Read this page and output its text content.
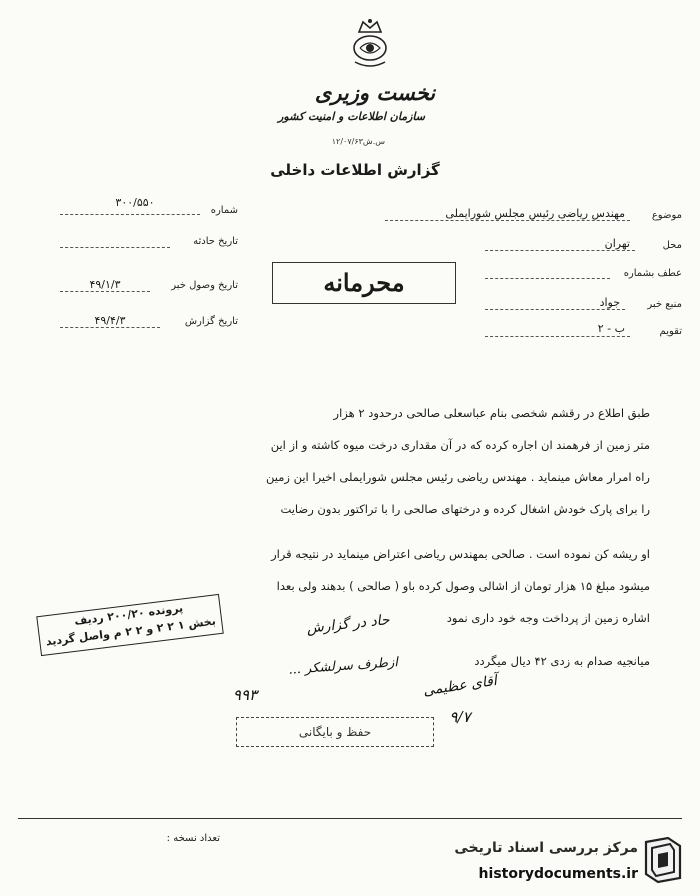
نخست وزیری
سازمان اطلاعات و امنیت کشور
س.ش۱۲/۰۷/۶۳
گزارش اطلاعات داخلی
شماره
۳۰۰/۵۵۰
تاریخ حادثه
تاریخ وصول خبر
۴۹/۱/۳
تاریخ گزارش
۴۹/۴/۳
موضوع
مهندس ریاضی رئیس مجلس شورایملی
محل
تهران
عطف بشماره
منبع خبر
جواد
تقویم
ب - ۲
محرمانه
طبق اطلاع در رقشم شخصی بنام عباسعلی صالحی درحدود ۲ هزار
متر زمین از فرهمند ان اجاره کرده که در آن مقداری درخت میوه کاشته و از این
راه امرار معاش مینماید . مهندس ریاضی رئیس مجلس شورایملی اخیرا این زمین
را برای پارک خودش اشغال کرده و درختهای صالحی را با تراکتور بدون رضایت
او ریشه کن نموده است . صالحی بمهندس ریاضی اعتراض مینماید در نتیجه قرار
میشود مبلغ ۱۵ هزار تومان از اشالی وصول کرده باو ( صالحی ) بدهند ولی بعدا
اشاره زمین از پرداخت وجه خود داری نمود
میانجیه صدام به زدی ۴۲ دیال میگردد
پرونده ۲۰۰/۲۰ ردیف
بخش ۱ ۲ ۲ و ۲ ۲ م واصل گردید	حاد در گزارش
ازطرف سرلشکر ...
۹۹۳	آقای عظیمی
۹/۷
حفظ و بایگانی
تعداد نسخه :
مرکز بررسی اسناد تاریخی
historydocuments.ir
